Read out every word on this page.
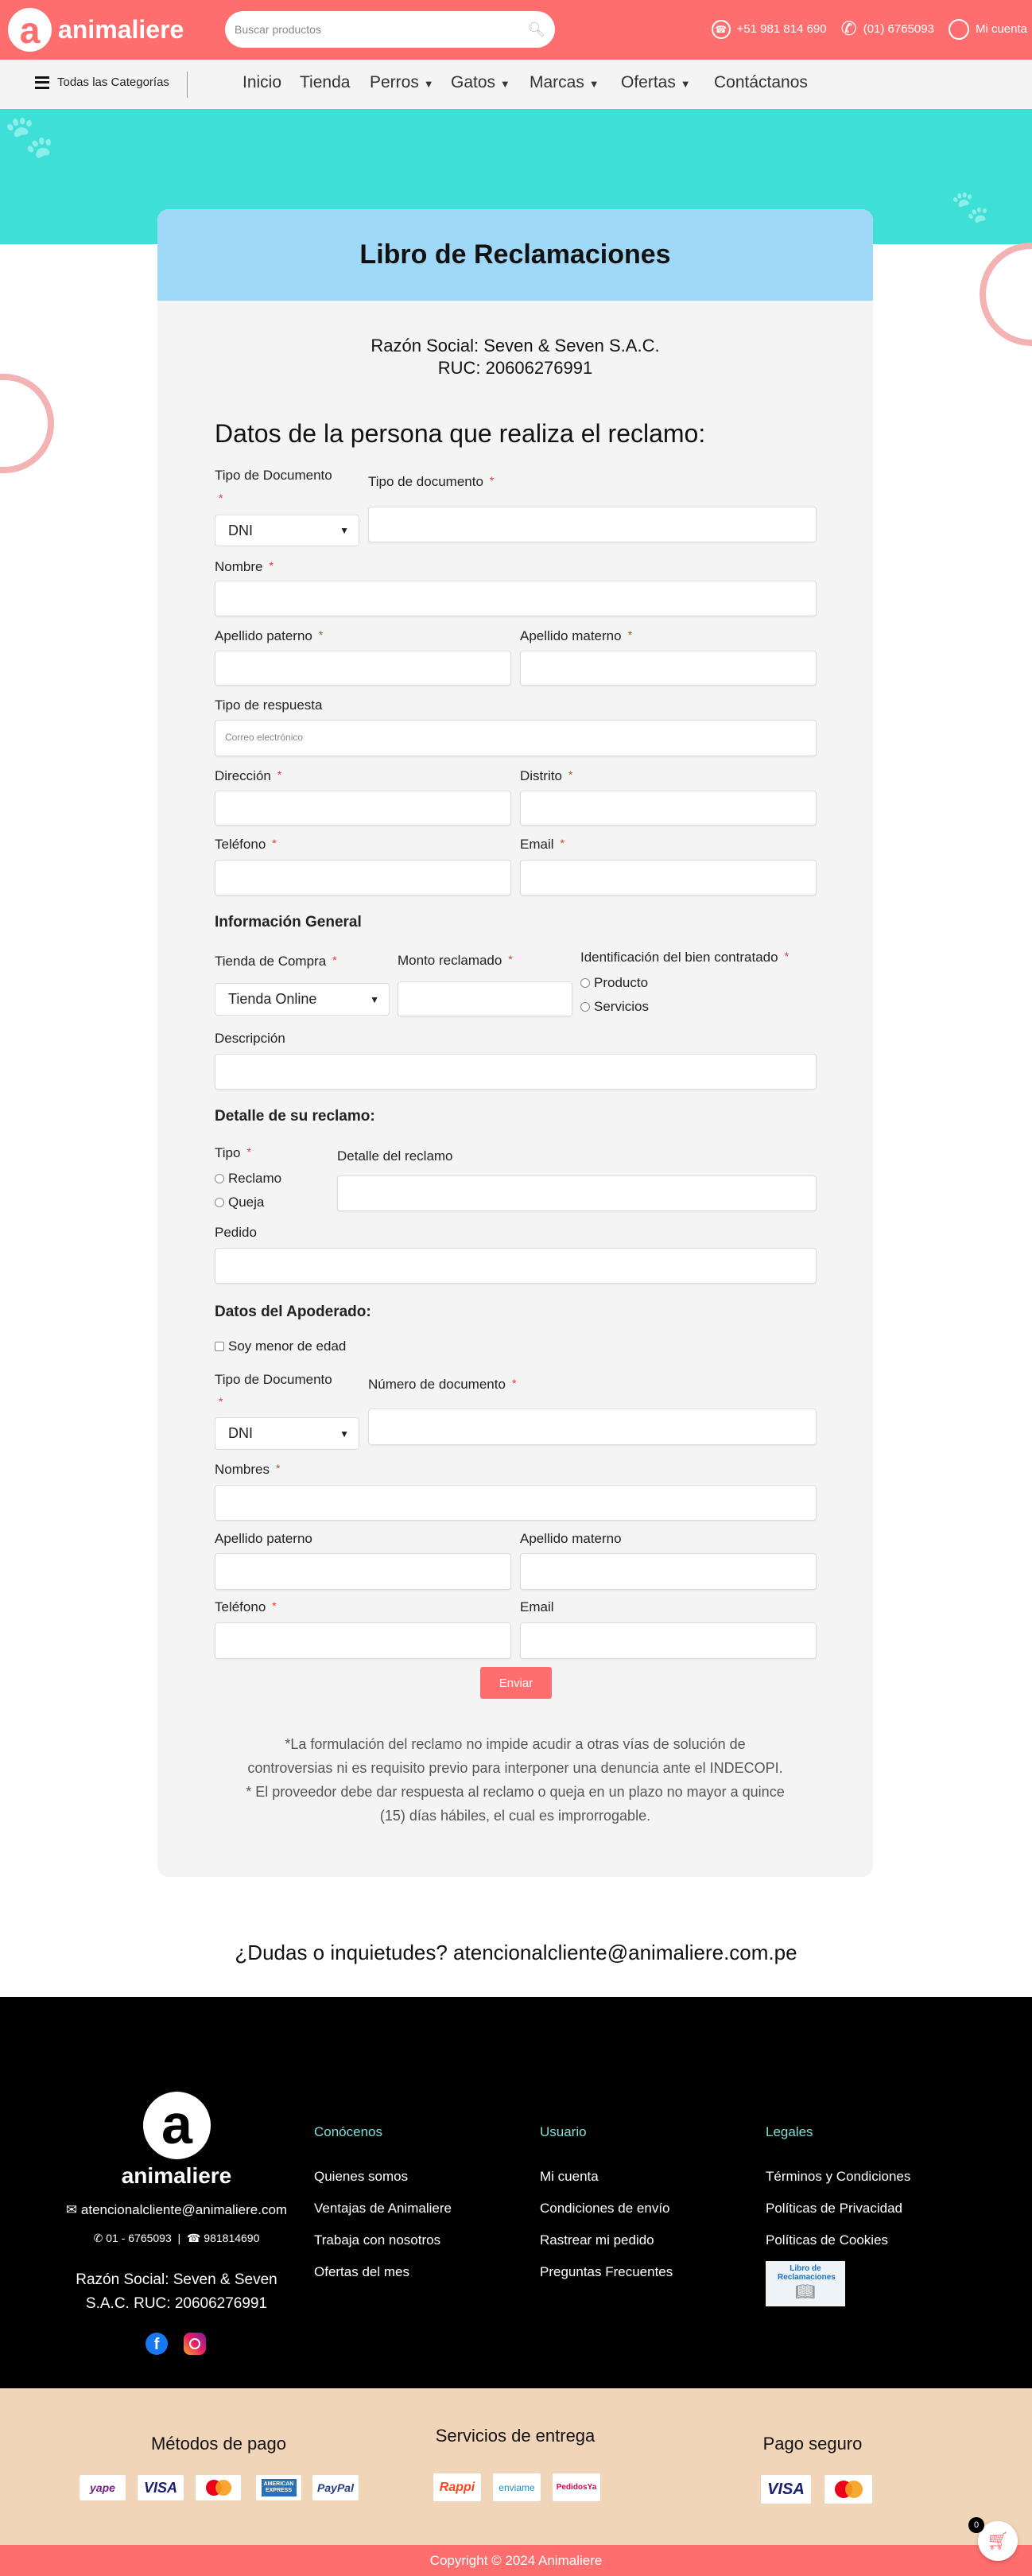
a animaliere	Buscar productos	🔍︎	☎ +51 981 814 690 ✆ (01) 6765093	Mi cuenta
Todas las Categorías	Inicio Tienda Perros ▼ Gatos ▼ Marcas ▼ Ofertas ▼ Contáctanos
🐾︎
🐾︎
Libro de Reclamaciones
Razón Social: Seven & Seven S.A.C.
RUC: 20606276991
Datos de la persona que realiza el reclamo:
Tipo de Documento
*
DNI	▼
Tipo de documento *
Nombre *
Apellido paterno *	Apellido materno *
Tipo de respuesta
Correo electrónico
Dirección *	Distrito *
Teléfono *	Email *
Información General
Tienda de Compra *
Tienda Online	▼
Monto reclamado *	Identificación del bien contratado *
Producto
Servicios
Descripción
Detalle de su reclamo:
Tipo *
Reclamo
Queja
Detalle del reclamo
Pedido
Datos del Apoderado:
Soy menor de edad
Tipo de Documento
*
DNI	▼
Número de documento *
Nombres *
Apellido paterno	Apellido materno
Teléfono *	Email
Enviar
*La formulación del reclamo no impide acudir a otras vías de solución de
controversias ni es requisito previo para interponer una denuncia ante el INDECOPI.
* El proveedor debe dar respuesta al reclamo o queja en un plazo no mayor a quince
(15) días hábiles, el cual es improrrogable.
¿Dudas o inquietudes? atencionalcliente@animaliere.com.pe
a
animaliere
✉ atencionalcliente@animaliere.com
✆ 01 - 6765093  |  ☎ 981814690
Razón Social: Seven & Seven
S.A.C. RUC: 20606276991
f
Conócenos
Quienes somos
Ventajas de Animaliere
Trabaja con nosotros
Ofertas del mes
Usuario
Mi cuenta
Condiciones de envío
Rastrear mi pedido
Preguntas Frecuentes
Legales
Términos y Condiciones
Políticas de Privacidad
Políticas de Cookies
Libro de Reclamaciones
📖︎
Métodos de pago
yape	VISA	AMERICAN EXPRESS	PayPal
Servicios de entrega
Rappi	enviame	PedidosYa
Pago seguro
VISA
Copyright © 2024 Animaliere
🛒︎
0
